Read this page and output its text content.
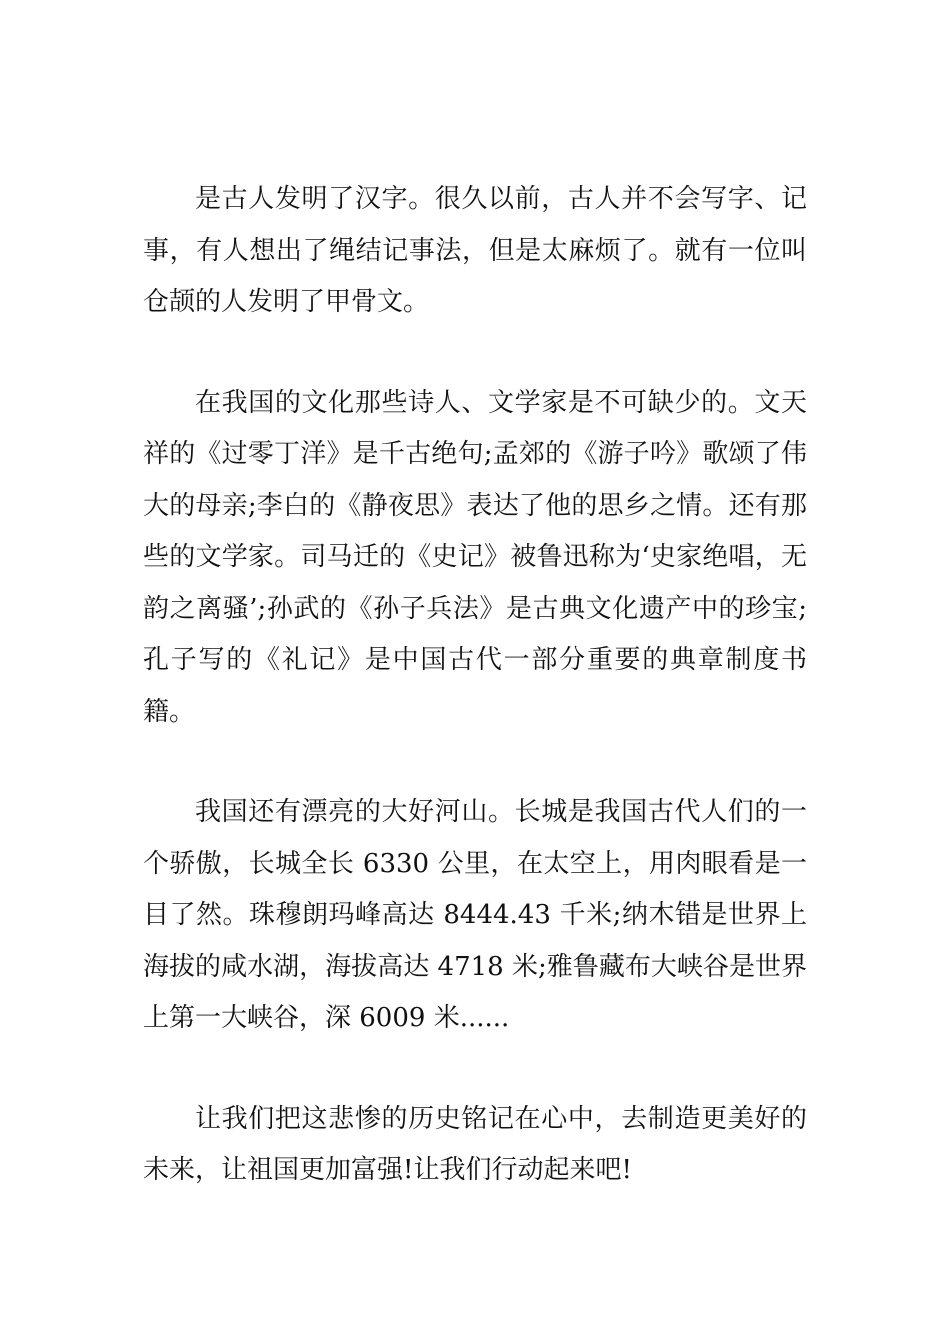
是古人发明了汉字。很久以前，古人并不会写字、记事，有人想出了绳结记事法，但是太麻烦了。就有一位叫仓颉的人发明了甲骨文。

在我国的文化那些诗人、文学家是不可缺少的。文天祥的《过零丁洋》是千古绝句;孟郊的《游子吟》歌颂了伟大的母亲;李白的《静夜思》表达了他的思乡之情。还有那些的文学家。司马迁的《史记》被鲁迅称为‘史家绝唱，无韵之离骚’;孙武的《孙子兵法》是古典文化遗产中的珍宝;孔子写的《礼记》是中国古代一部分重要的典章制度书籍。

我国还有漂亮的大好河山。长城是我国古代人们的一个骄傲，长城全长 6330 公里，在太空上，用肉眼看是一目了然。珠穆朗玛峰高达 8444.43 千米;纳木错是世界上海拔的咸水湖，海拔高达 4718 米;雅鲁藏布大峡谷是世界上第一大峡谷，深 6009 米......

让我们把这悲惨的历史铭记在心中，去制造更美好的未来，让祖国更加富强!让我们行动起来吧!
